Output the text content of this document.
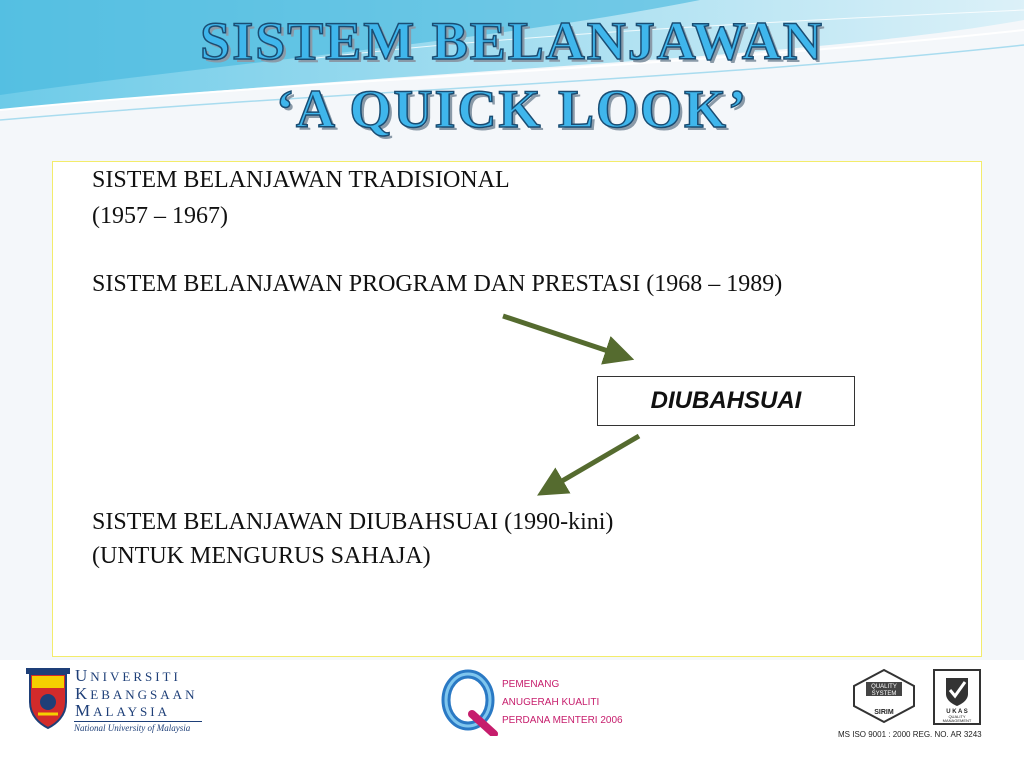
SISTEM BELANJAWAN
‘A QUICK LOOK’
SISTEM BELANJAWAN TRADISIONAL
(1957 – 1967)
SISTEM BELANJAWAN PROGRAM DAN PRESTASI (1968 – 1989)
DIUBAHSUAI
SISTEM BELANJAWAN DIUBAHSUAI (1990-kini)
(UNTUK MENGURUS SAHAJA)
UNIVERSITI
KEBANGSAAN
MALAYSIA
National University of Malaysia
PEMENANG
ANUGERAH KUALITI
PERDANA MENTERI 2006
QUALITY
SYSTEM
SIRIM	U K A S
QUALITY
MANAGEMENT
MS ISO 9001 : 2000 REG. NO. AR 3243
